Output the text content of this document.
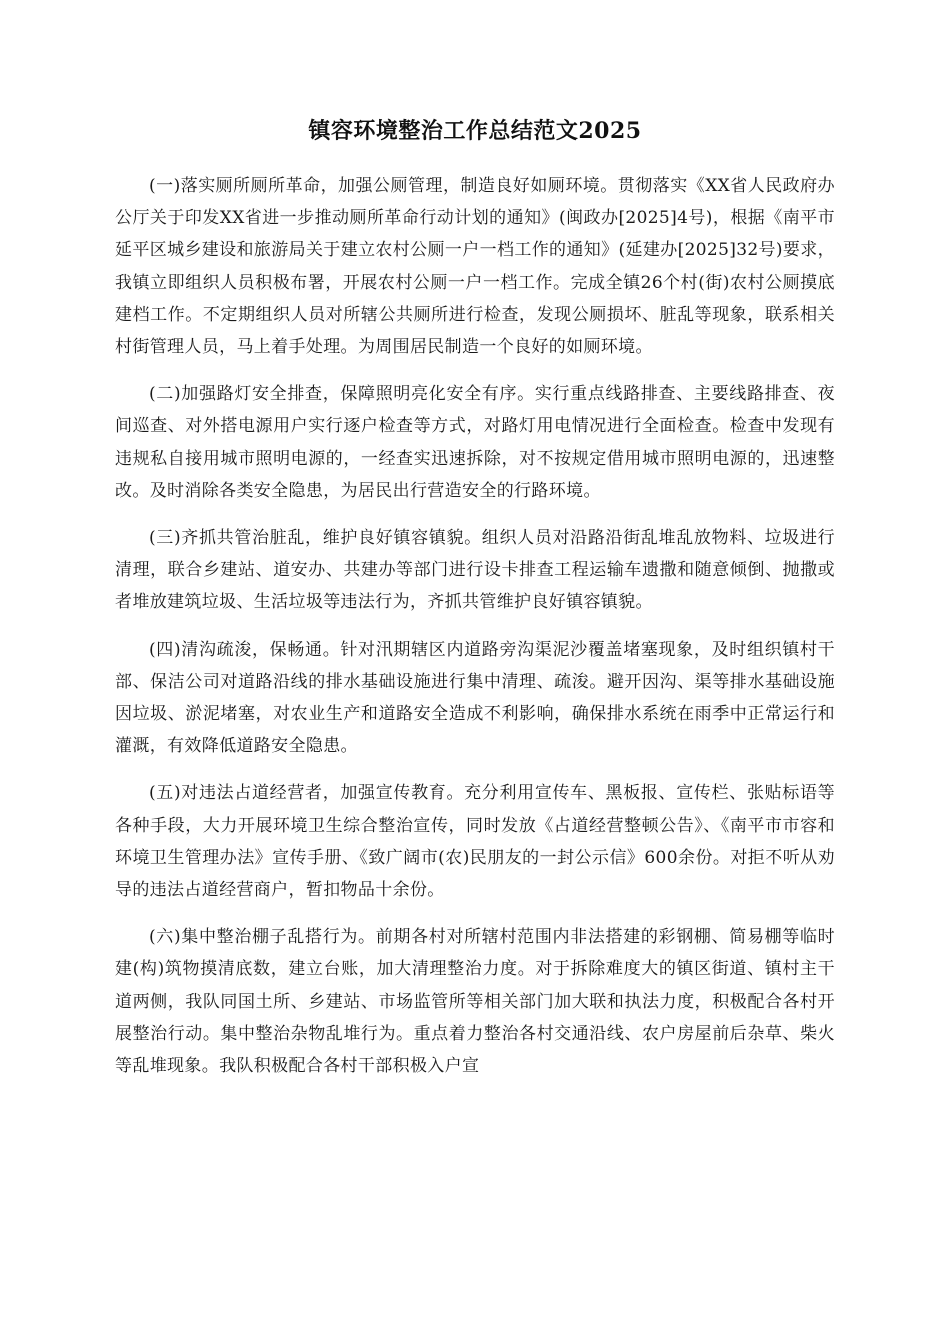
镇容环境整治工作总结范文2025

(一)落实厕所厕所革命，加强公厕管理，制造良好如厕环境。贯彻落实《XX省人民政府办公厅关于印发XX省进一步推动厕所革命行动计划的通知》(闽政办[2025]4号)，根据《南平市延平区城乡建设和旅游局关于建立农村公厕一户一档工作的通知》(延建办[2025]32号)要求，我镇立即组织人员积极布署，开展农村公厕一户一档工作。完成全镇26个村(街)农村公厕摸底建档工作。不定期组织人员对所辖公共厕所进行检查，发现公厕损坏、脏乱等现象，联系相关村街管理人员，马上着手处理。为周围居民制造一个良好的如厕环境。

(二)加强路灯安全排查，保障照明亮化安全有序。实行重点线路排查、主要线路排查、夜间巡查、对外搭电源用户实行逐户检查等方式，对路灯用电情况进行全面检查。检查中发现有违规私自接用城市照明电源的，一经查实迅速拆除，对不按规定借用城市照明电源的，迅速整改。及时消除各类安全隐患，为居民出行营造安全的行路环境。

(三)齐抓共管治脏乱，维护良好镇容镇貌。组织人员对沿路沿街乱堆乱放物料、垃圾进行清理，联合乡建站、道安办、共建办等部门进行设卡排查工程运输车遗撒和随意倾倒、抛撒或者堆放建筑垃圾、生活垃圾等违法行为，齐抓共管维护良好镇容镇貌。

(四)清沟疏浚，保畅通。针对汛期辖区内道路旁沟渠泥沙覆盖堵塞现象，及时组织镇村干部、保洁公司对道路沿线的排水基础设施进行集中清理、疏浚。避开因沟、渠等排水基础设施因垃圾、淤泥堵塞，对农业生产和道路安全造成不利影响，确保排水系统在雨季中正常运行和灌溉，有效降低道路安全隐患。

(五)对违法占道经营者，加强宣传教育。充分利用宣传车、黑板报、宣传栏、张贴标语等各种手段，大力开展环境卫生综合整治宣传，同时发放《占道经营整顿公告》、《南平市市容和环境卫生管理办法》宣传手册、《致广阔市(农)民朋友的一封公示信》600余份。对拒不听从劝导的违法占道经营商户，暂扣物品十余份。

(六)集中整治棚子乱搭行为。前期各村对所辖村范围内非法搭建的彩钢棚、简易棚等临时建(构)筑物摸清底数，建立台账，加大清理整治力度。对于拆除难度大的镇区街道、镇村主干道两侧，我队同国土所、乡建站、市场监管所等相关部门加大联和执法力度，积极配合各村开展整治行动。集中整治杂物乱堆行为。重点着力整治各村交通沿线、农户房屋前后杂草、柴火等乱堆现象。我队积极配合各村干部积极入户宣
